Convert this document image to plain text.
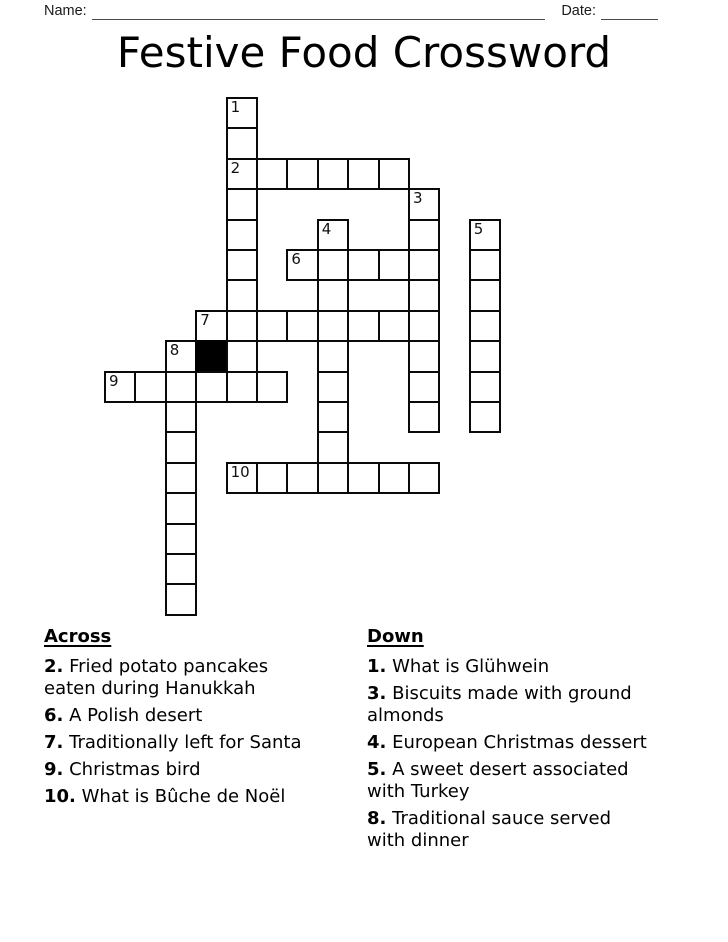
Name:	Date:
Festive Food Crossword
1
2
3
4	5
6
7
8
9
10
Across
2. Fried potato pancakes
eaten during Hanukkah
6. A Polish desert
7. Traditionally left for Santa
9. Christmas bird
10. What is Bûche de Noël
Down
1. What is Glühwein
3. Biscuits made with ground
almonds
4. European Christmas dessert
5. A sweet desert associated
with Turkey
8. Traditional sauce served
with dinner
